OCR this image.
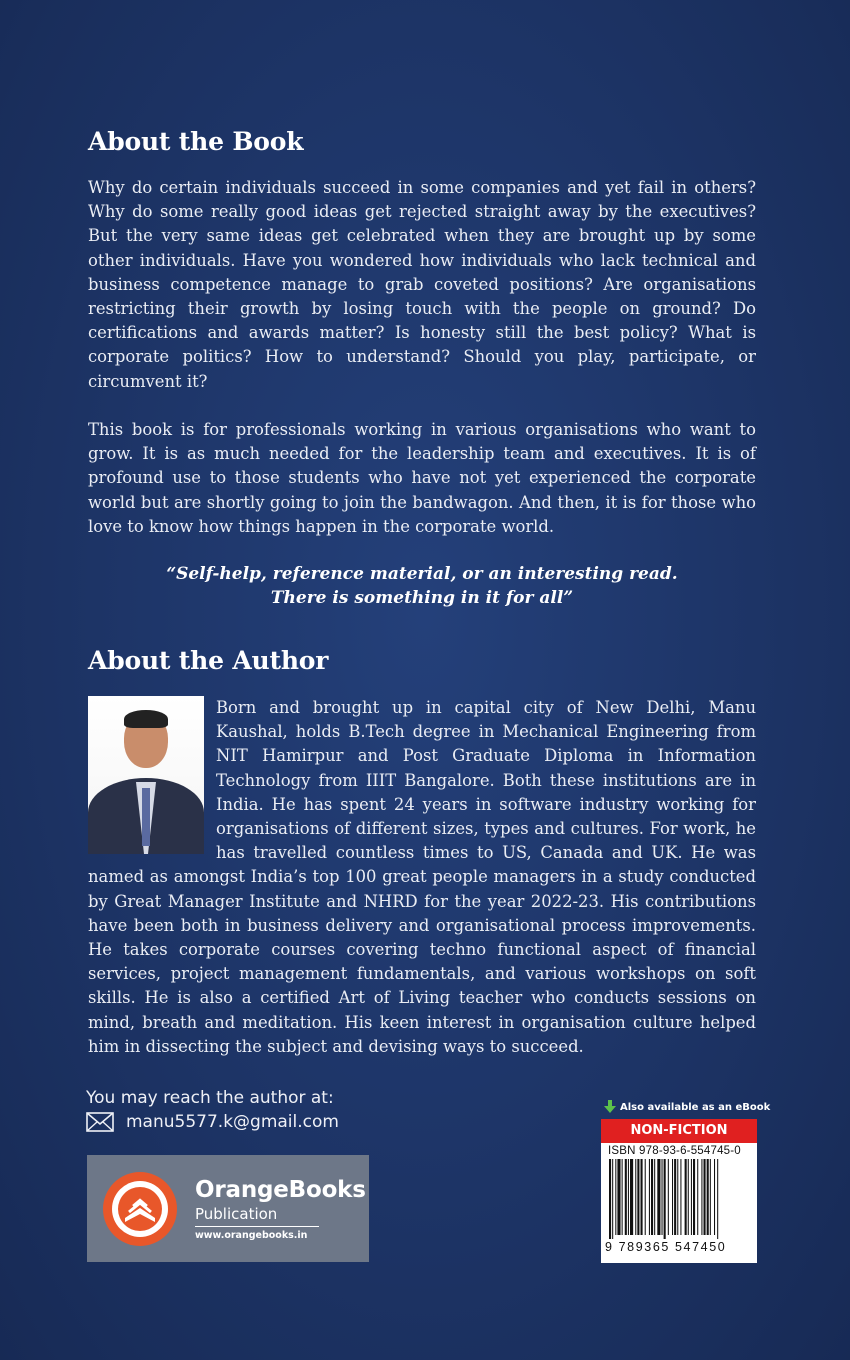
About the Book

Why do certain individuals succeed in some companies and yet fail in others? Why do some really good ideas get rejected straight away by the executives? But the very same ideas get celebrated when they are brought up by some other individuals. Have you wondered how individuals who lack technical and business competence manage to grab coveted positions? Are organisations restricting their growth by losing touch with the people on ground? Do certifications and awards matter? Is honesty still the best policy? What is corporate politics? How to understand? Should you play, participate, or circumvent it?

This book is for professionals working in various organisations who want to grow. It is as much needed for the leadership team and executives. It is of profound use to those students who have not yet experienced the corporate world but are shortly going to join the bandwagon. And then, it is for those who love to know how things happen in the corporate world.

“Self-help, reference material, or an interesting read.
There is something in it for all”
About the Author
Born and brought up in capital city of New Delhi, Manu Kaushal, holds B.Tech degree in Mechanical Engineering from NIT Hamirpur and Post Graduate Diploma in Information Technology from IIIT Bangalore. Both these institutions are in India. He has spent 24 years in software industry working for organisations of different sizes, types and cultures. For work, he has travelled countless times to US, Canada and UK. He was named as amongst India’s top 100 great people managers in a study conducted by Great Manager Institute and NHRD for the year 2022-23. His contributions have been both in business delivery and organisational process improvements. He takes corporate courses covering techno functional aspect of financial services, project management fundamentals, and various workshops on soft skills. He is also a certified Art of Living teacher who conducts sessions on mind, breath and meditation. His keen interest in organisation culture helped him in dissecting the subject and devising ways to succeed.
You may reach the author at:
manu5577.k@gmail.com
OrangeBooks
Publication
www.orangebooks.in
Also available as an eBook
NON-FICTION
ISBN 978-93-6-554745-0
9 789365 547450
